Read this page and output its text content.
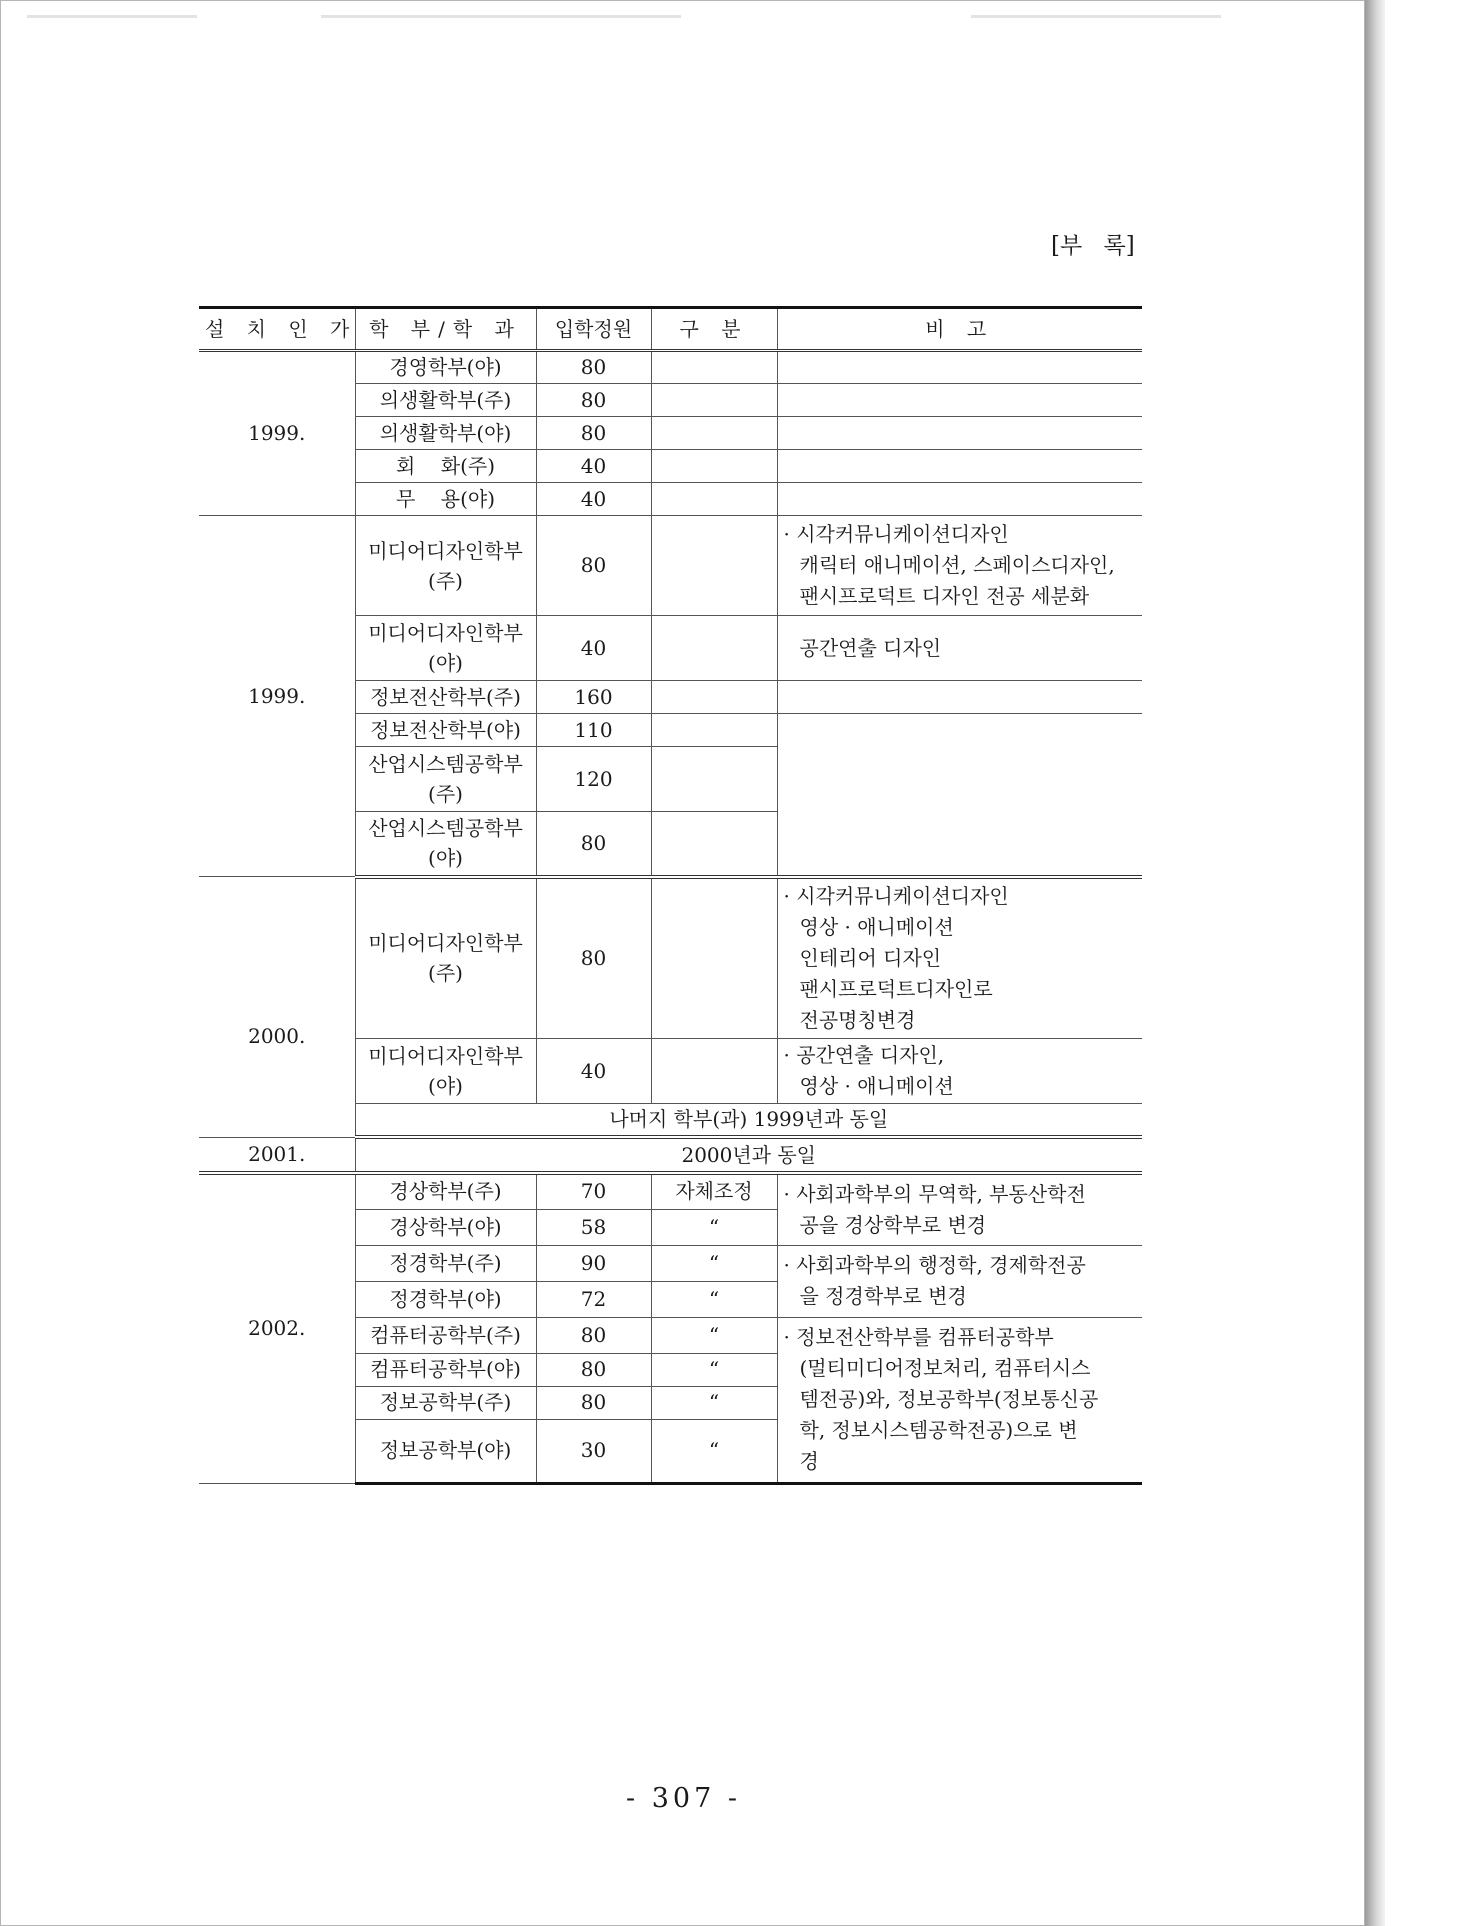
[부 록]
설 치 인 가	학 부/학 과	입학정원	구 분	비 고
1999.	경영학부(야)	80		
	의생활학부(주)	80		
	의생활학부(야)	80		
	회    화(주)	40		
	무    용(야)	40		
1999.	미디어디자인학부(주)	80		· 시각커뮤니케이션디자인
캐릭터 애니메이션, 스페이스디자인,
팬시프로덕트 디자인 전공 세분화

	미디어디자인학부(야)	40		공간연출 디자인

	정보전산학부(주)	160		
	정보전산학부(야)	110		
	산업시스템공학부(주)	120		
	산업시스템공학부(야)	80		
2000.	미디어디자인학부(주)	80		· 시각커뮤니케이션디자인
영상 · 애니메이션
인테리어 디자인
팬시프로덕트디자인로
전공명칭변경

	미디어디자인학부(야)	40		· 공간연출 디자인,
영상 · 애니메이션

	나머지 학부(과) 1999년과 동일			
2001.	2000년과 동일			
2002.	경상학부(주)	70	자체조정	· 사회과학부의 무역학, 부동산학전
공을 경상학부로 변경

	경상학부(야)	58	“	
	정경학부(주)	90	“	· 사회과학부의 행정학, 경제학전공
을 정경학부로 변경

	정경학부(야)	72	“	
	컴퓨터공학부(주)	80	“	· 정보전산학부를 컴퓨터공학부
(멀티미디어정보처리, 컴퓨터시스
템전공)와, 정보공학부(정보통신공
학, 정보시스템공학전공)으로 변
경

	컴퓨터공학부(야)	80	“	
	정보공학부(주)	80	“	
	정보공학부(야)	30	“	
- 307 -
